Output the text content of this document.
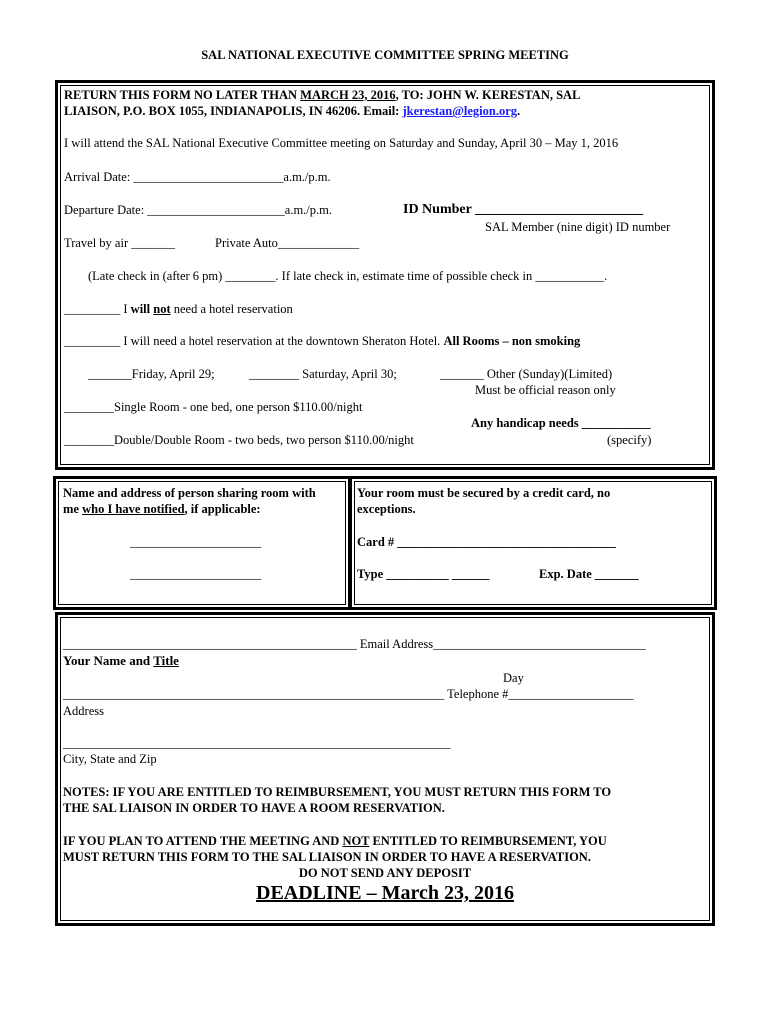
SAL NATIONAL EXECUTIVE COMMITTEE SPRING MEETING
RETURN THIS FORM NO LATER THAN MARCH 23, 2016, TO: JOHN W. KERESTAN, SAL
LIAISON, P.O. BOX 1055, INDIANAPOLIS, IN 46206. Email: jkerestan@legion.org.
I will attend the SAL National Executive Committee meeting on Saturday and Sunday, April 30 – May 1, 2016
Arrival Date: ________________________a.m./p.m.
Departure Date: ______________________a.m./p.m.	ID Number ________________________
SAL Member (nine digit) ID number
Travel by air _______	Private Auto_____________
(Late check in (after 6 pm) ________. If late check in, estimate time of possible check in ___________.
_________ I will not need a hotel reservation
_________ I will need a hotel reservation at the downtown Sheraton Hotel. All Rooms – non smoking
_______Friday, April 29;	________ Saturday, April 30;	_______ Other (Sunday)(Limited)
Must be official reason only
________Single Room - one bed, one person $110.00/night
Any handicap needs ___________
________Double/Double Room - two beds, two person $110.00/night	(specify)
Name and address of person sharing room with
me who I have notified, if applicable:
_____________________
_____________________
Your room must be secured by a credit card, no
exceptions.
Card # ___________________________________
Type __________ ______	Exp. Date _______
_______________________________________________ Email Address__________________________________
Your Name and Title
Day
_____________________________________________________________ Telephone #____________________
Address
______________________________________________________________
City, State and Zip
NOTES: IF YOU ARE ENTITLED TO REIMBURSEMENT, YOU MUST RETURN THIS FORM TO
THE SAL LIAISON IN ORDER TO HAVE A ROOM RESERVATION.
IF YOU PLAN TO ATTEND THE MEETING AND NOT ENTITLED TO REIMBURSEMENT, YOU
MUST RETURN THIS FORM TO THE SAL LIAISON IN ORDER TO HAVE A RESERVATION.
DO NOT SEND ANY DEPOSIT
DEADLINE – March 23, 2016
